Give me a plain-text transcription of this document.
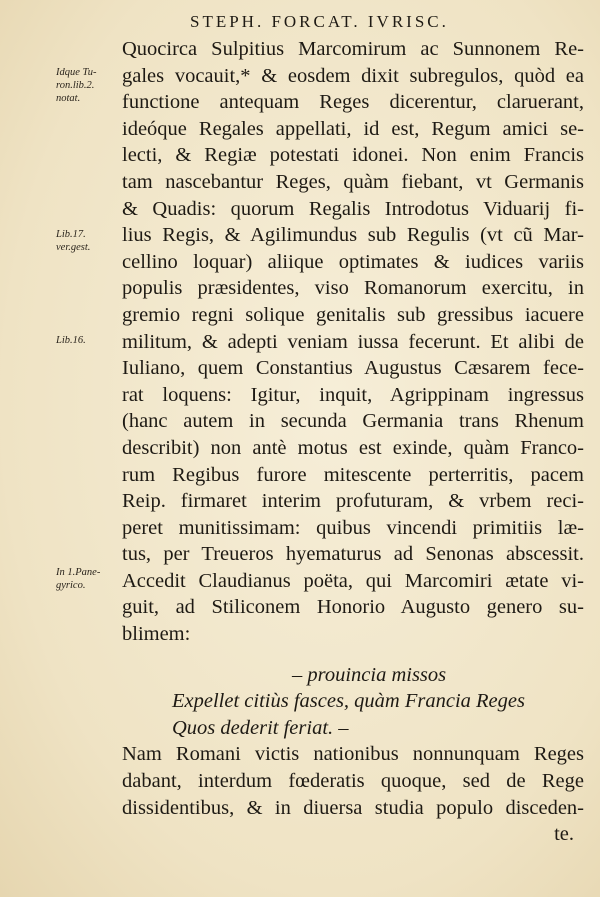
STEPH. FORCAT. IVRISC.
Idque Tu-
ron.lib.2.
notat.
Lib.17.
ver.gest.
Lib.16.
In 1.Pane-
gyrico.
Quocirca Sulpitius Marcomirum ac Sunnonem Re-
gales vocauit,* & eosdem dixit subregulos, quòd ea
functione antequam Reges dicerentur, claruerant,
ideóque Regales appellati, id est, Regum amici se-
lecti, & Regiæ potestati idonei. Non enim Francis
tam nascebantur Reges, quàm fiebant, vt Germanis
& Quadis: quorum Regalis Introdotus Viduarij fi-
lius Regis, & Agilimundus sub Regulis (vt cũ Mar-
cellino loquar) aliique optimates & iudices variis
populis præsidentes, viso Romanorum exercitu, in
gremio regni solique genitalis sub gressibus iacuere
militum, & adepti veniam iussa fecerunt. Et alibi de
Iuliano, quem Constantius Augustus Cæsarem fece-
rat loquens: Igitur, inquit, Agrippinam ingressus
(hanc autem in secunda Germania trans Rhenum
describit) non antè motus est exinde, quàm Franco-
rum Regibus furore mitescente perterritis, pacem
Reip. firmaret interim profuturam, & vrbem reci-
peret munitissimam: quibus vincendi primitiis læ-
tus, per Treueros hyematurus ad Senonas abscessit.
Accedit Claudianus poëta, qui Marcomiri ætate vi-
guit, ad Stiliconem Honorio Augusto genero su-
blimem:
– prouincia missos
Expellet citiùs fasces, quàm Francia Reges
Quos dederit feriat. –
Nam Romani victis nationibus nonnunquam Reges
dabant, interdum fœderatis quoque, sed de Rege
dissidentibus, & in diuersa studia populo disceden-
te.
